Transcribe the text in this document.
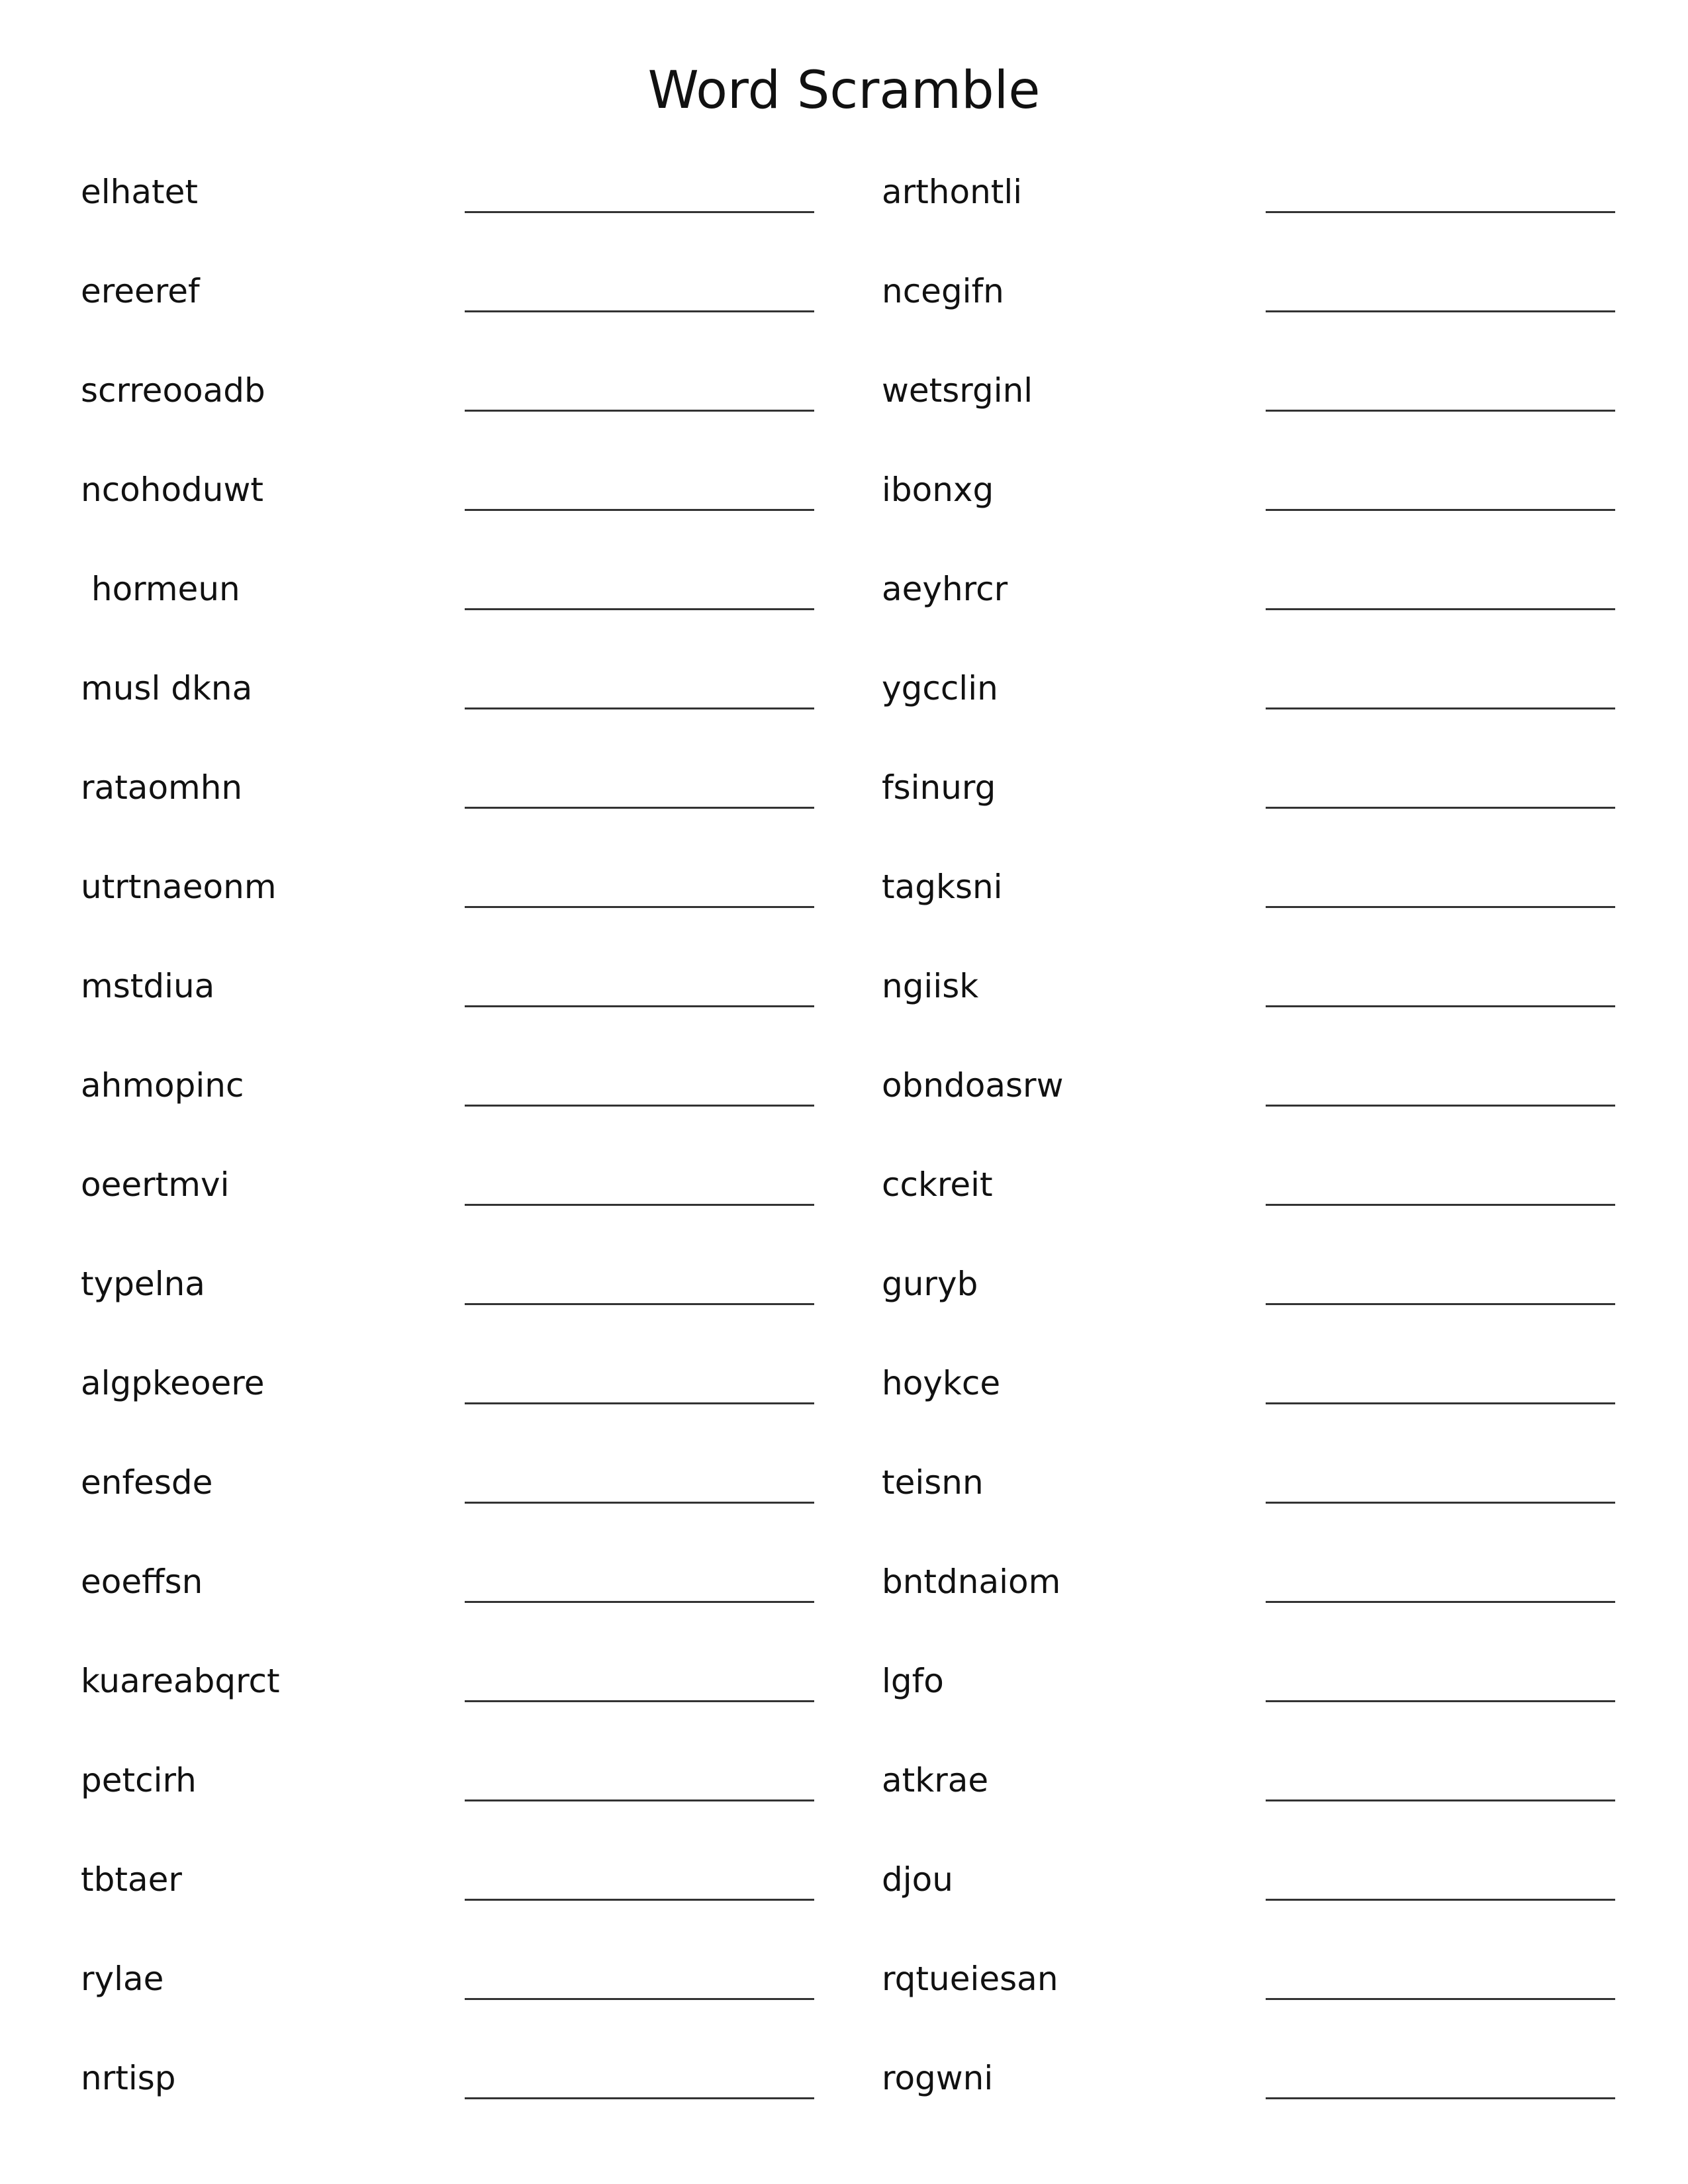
Word Scramble
elhatet
ereeref
scrreooadb
ncohoduwt
hormeun
musl dkna
rataomhn
utrtnaeonm
mstdiua
ahmopinc
oeertmvi
typelna
algpkeoere
enfesde
eoeffsn
kuareabqrct
petcirh
tbtaer
rylae
nrtisp
arthontli
ncegifn
wetsrginl
ibonxg
aeyhrcr
ygcclin
fsinurg
tagksni
ngiisk
obndoasrw
cckreit
guryb
hoykce
teisnn
bntdnaiom
lgfo
atkrae
djou
rqtueiesan
rogwni
